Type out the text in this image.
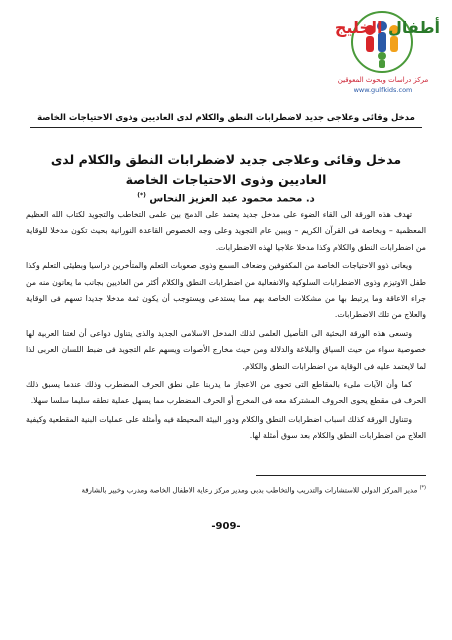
أطفال الخليج
مركز دراسات وبحوث المعوقين
www.gulfkids.com
مدخل وقائى وعلاجى جديد لاضطرابات النطق والكلام لدى العاديين وذوى الاحتياجات الخاصة
مدخل وقائى وعلاجى جديد لاضطرابات النطق والكلام لدى العاديين وذوى الاحتياجات الخاصة
د. محمد محمود عبد العزيز النحاس (*)

تهدف هذه الورقة الى القاء الضوء على مدخل جديد يعتمد على الدمج بين علمى التخاطب والتجويد لكتاب الله العظيم المعظمية – وبخاصة فى القرآن الكريم – ويبين عام التجويد وعلى وجه الخصوص القاعدة النورانية بحيث تكون مدخلا للوقاية من اضطرابات النطق والكلام وكذا مدخلا علاجيا لهذه الاضطرابات.

ويعانى ذوو الاحتياجات الخاصة من المكفوفين وضعاف السمع وذوى صعوبات التعلم والمتأخرين دراسيا وبطيئى التعلم وكذا طفل الاوتيزم وذوى الاضطرابات السلوكية والانفعالية من اضطرابات النطق والكلام أكثر من العاديين بجانب ما يعانون منه من جراء الاعاقة وما يرتبط بها من مشكلات الخاصة بهم مما يستدعى ويستوجب أن يكون ثمة مدخلا جديدا تسهم فى الوقاية والعلاج من تلك الاضطرابات.

وتسعى هذه الورقة البحثية الى التأصيل العلمى لذلك المدخل الاسلامى الجديد والذى يتناول دواعى أن لغتنا العربية لها خصوصية سواء من حيث السياق والبلاغة والدلالة ومن حيث مخارج الأصوات ويسهم علم التجويد فى ضبط اللسان العربى لذا لما لايعتمد عليه فى الوقاية من اضطرابات النطق والكلام.

كما وأن الآيات ملىء بالمقاطع التى تحوى من الاعجاز ما يدربنا على نطق الحرف المضطرب وذلك عندما يسبق ذلك الحرف فى مقطع يحوى الحروف المشتركة معه فى المخرج أو الحرف المضطرب مما يسهل عملية نطقه سليما سلسا سهلا.

وتتناول الورقة كذلك اسباب اضطرابات النطق والكلام ودور البيئة المحيطة فيه وأمثلة على عمليات البنية المقطعية وكيفية العلاج من اضطرابات النطق والكلام بعد سوق أمثلة لها.

(*) مدير المركز الدولى للاستشارات والتدريب والتخاطب بدبى ومدير مركز رعاية الاطفال الخاصة ومدرب وخبير بالشارقة
-909-
